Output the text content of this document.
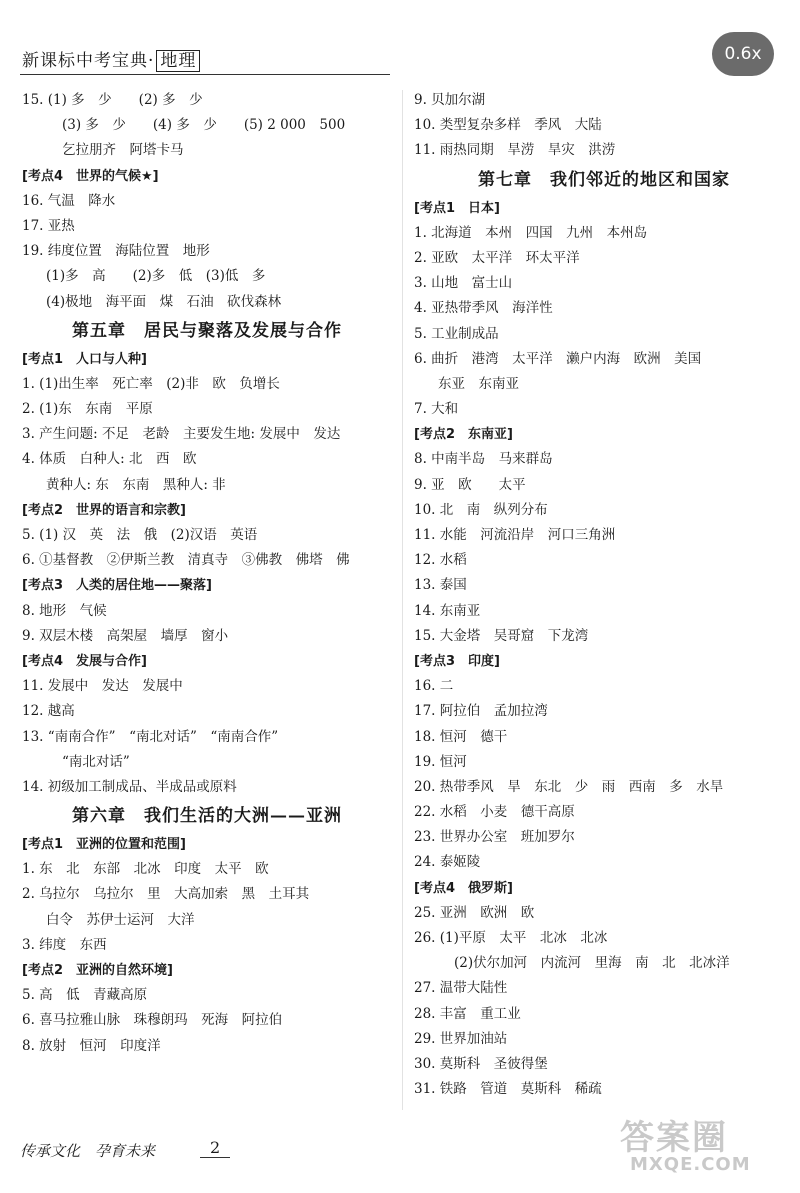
新课标中考宝典· 地理	0.6x
15. (1) 多　少　　(2) 多　少
(3) 多　少　　(4) 多　少　　(5) 2 000　500
乞拉朋齐　阿塔卡马
[考点4　世界的气候★]
16. 气温　降水
17. 亚热
19. 纬度位置　海陆位置　地形
(1)多　高　　(2)多　低　(3)低　多
(4)极地　海平面　煤　石油　砍伐森林
第五章　居民与聚落及发展与合作
[考点1　人口与人种]
1. (1)出生率　死亡率　(2)非　欧　负增长
2. (1)东　东南　平原
3. 产生问题: 不足　老龄　主要发生地: 发展中　发达
4. 体质　白种人: 北　西　欧
黄种人: 东　东南　黑种人: 非
[考点2　世界的语言和宗教]
5. (1) 汉　英　法　俄　(2)汉语　英语
6. ①基督教　②伊斯兰教　清真寺　③佛教　佛塔　佛
[考点3　人类的居住地——聚落]
8. 地形　气候
9. 双层木楼　高架屋　墙厚　窗小
[考点4　发展与合作]
11. 发展中　发达　发展中
12. 越高
13. “南南合作”　“南北对话”　“南南合作”
“南北对话”
14. 初级加工制成品、半成品或原料
第六章　我们生活的大洲——亚洲
[考点1　亚洲的位置和范围]
1. 东　北　东部　北冰　印度　太平　欧
2. 乌拉尔　乌拉尔　里　大高加索　黑　土耳其
白令　苏伊士运河　大洋
3. 纬度　东西
[考点2　亚洲的自然环境]
5. 高　低　青藏高原
6. 喜马拉雅山脉　珠穆朗玛　死海　阿拉伯
8. 放射　恒河　印度洋
9. 贝加尔湖
10. 类型复杂多样　季风　大陆
11. 雨热同期　旱涝　旱灾　洪涝
第七章　我们邻近的地区和国家
[考点1　日本]
1. 北海道　本州　四国　九州　本州岛
2. 亚欧　太平洋　环太平洋
3. 山地　富士山
4. 亚热带季风　海洋性
5. 工业制成品
6. 曲折　港湾　太平洋　濑户内海　欧洲　美国
东亚　东南亚
7. 大和
[考点2　东南亚]
8. 中南半岛　马来群岛
9. 亚　欧　　太平
10. 北　南　纵列分布
11. 水能　河流沿岸　河口三角洲
12. 水稻
13. 泰国
14. 东南亚
15. 大金塔　吴哥窟　下龙湾
[考点3　印度]
16. 二
17. 阿拉伯　孟加拉湾
18. 恒河　德干
19. 恒河
20. 热带季风　旱　东北　少　雨　西南　多　水旱
22. 水稻　小麦　德干高原
23. 世界办公室　班加罗尔
24. 泰姬陵
[考点4　俄罗斯]
25. 亚洲　欧洲　欧
26. (1)平原　太平　北冰　北冰
(2)伏尔加河　内流河　里海　南　北　北冰洋
27. 温带大陆性
28. 丰富　重工业
29. 世界加油站
30. 莫斯科　圣彼得堡
31. 铁路　管道　莫斯科　稀疏
传承文化　孕育未来	2	答案圈
MXQE.COM
